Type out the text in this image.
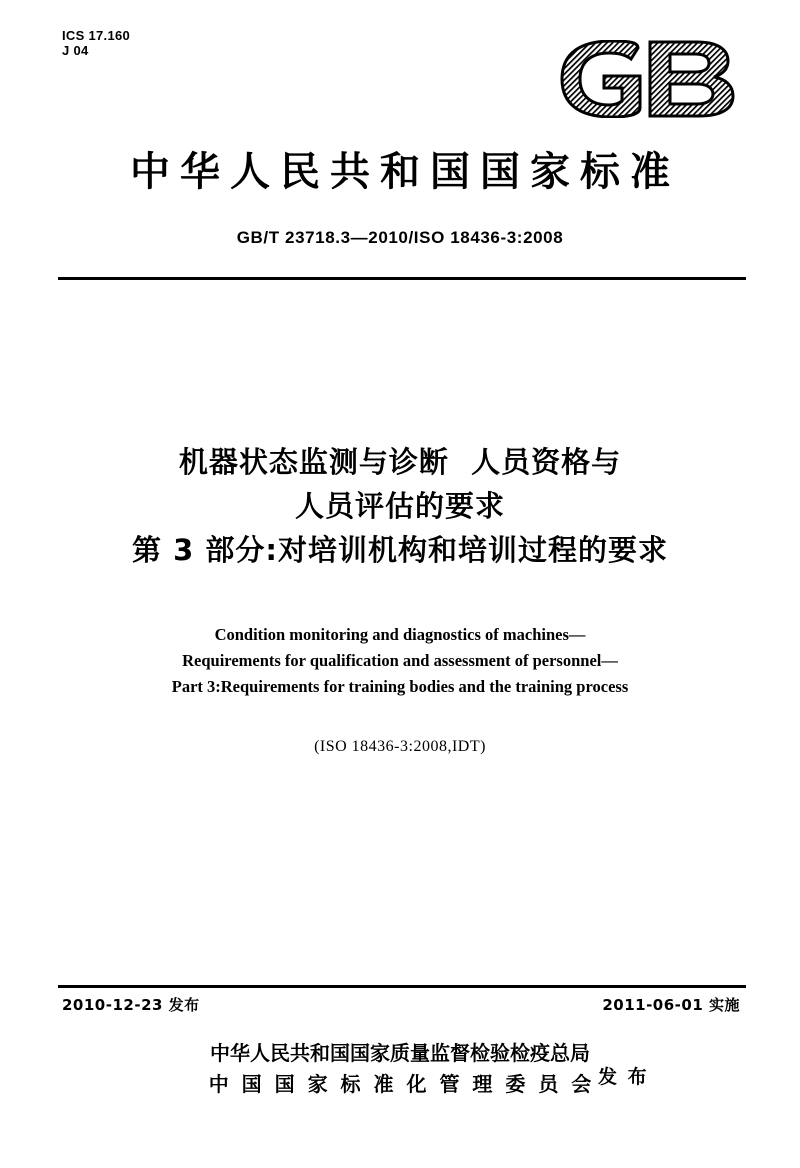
ICS 17.160
J 04
中华人民共和国国家标准
GB/T 23718.3—2010/ISO 18436-3:2008
机器状态监测与诊断  人员资格与
人员评估的要求
第 3 部分:对培训机构和培训过程的要求
Condition monitoring and diagnostics of machines—
Requirements for qualification and assessment of personnel—
Part 3:Requirements for training bodies and the training process
(ISO 18436-3:2008,IDT)
2010-12-23 发布	2011-06-01 实施
中华人民共和国国家质量监督检验检疫总局
中 国 国 家 标 准 化 管 理 委 员 会 发 布
